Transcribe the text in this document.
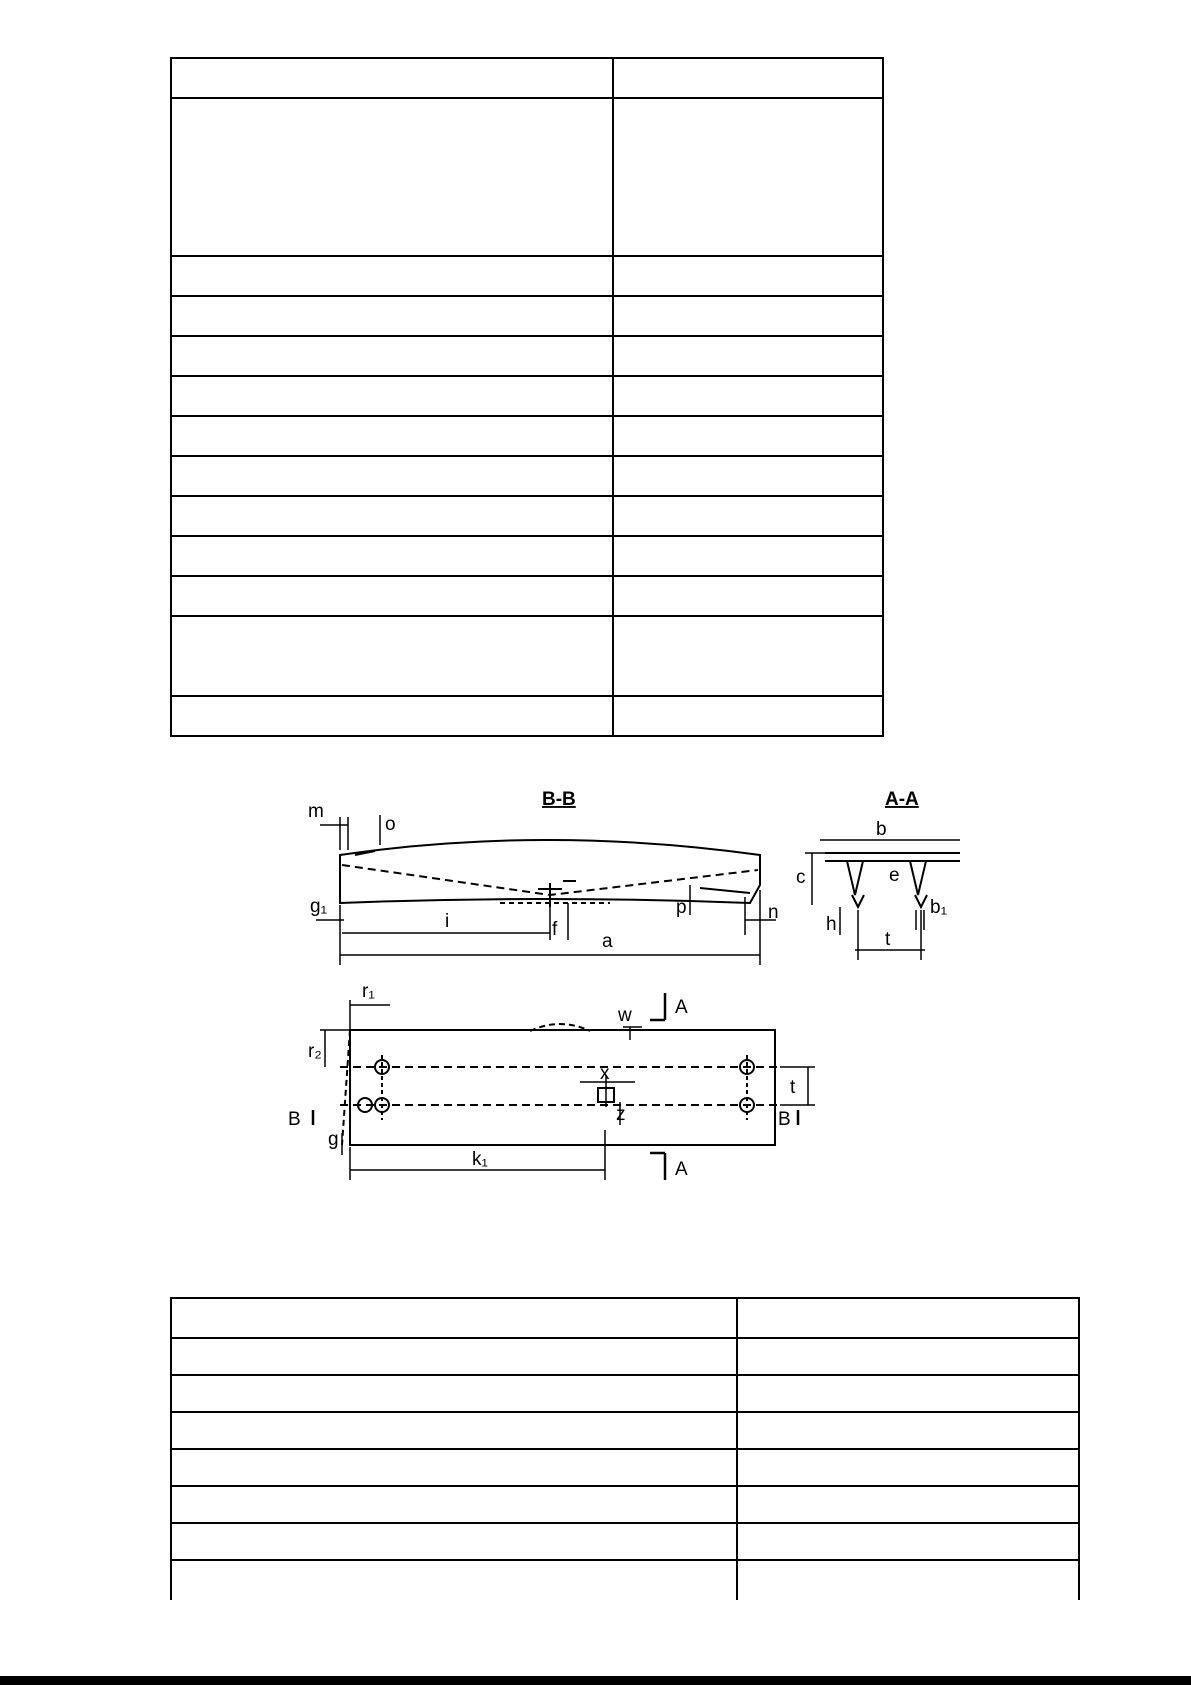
B-B	A-A
m
o
g₁
i	f
p	n
a
b
c	e
h
b₁
t
r₁
r₂
w
x
z
A
A
B	B
g
k₁
t
